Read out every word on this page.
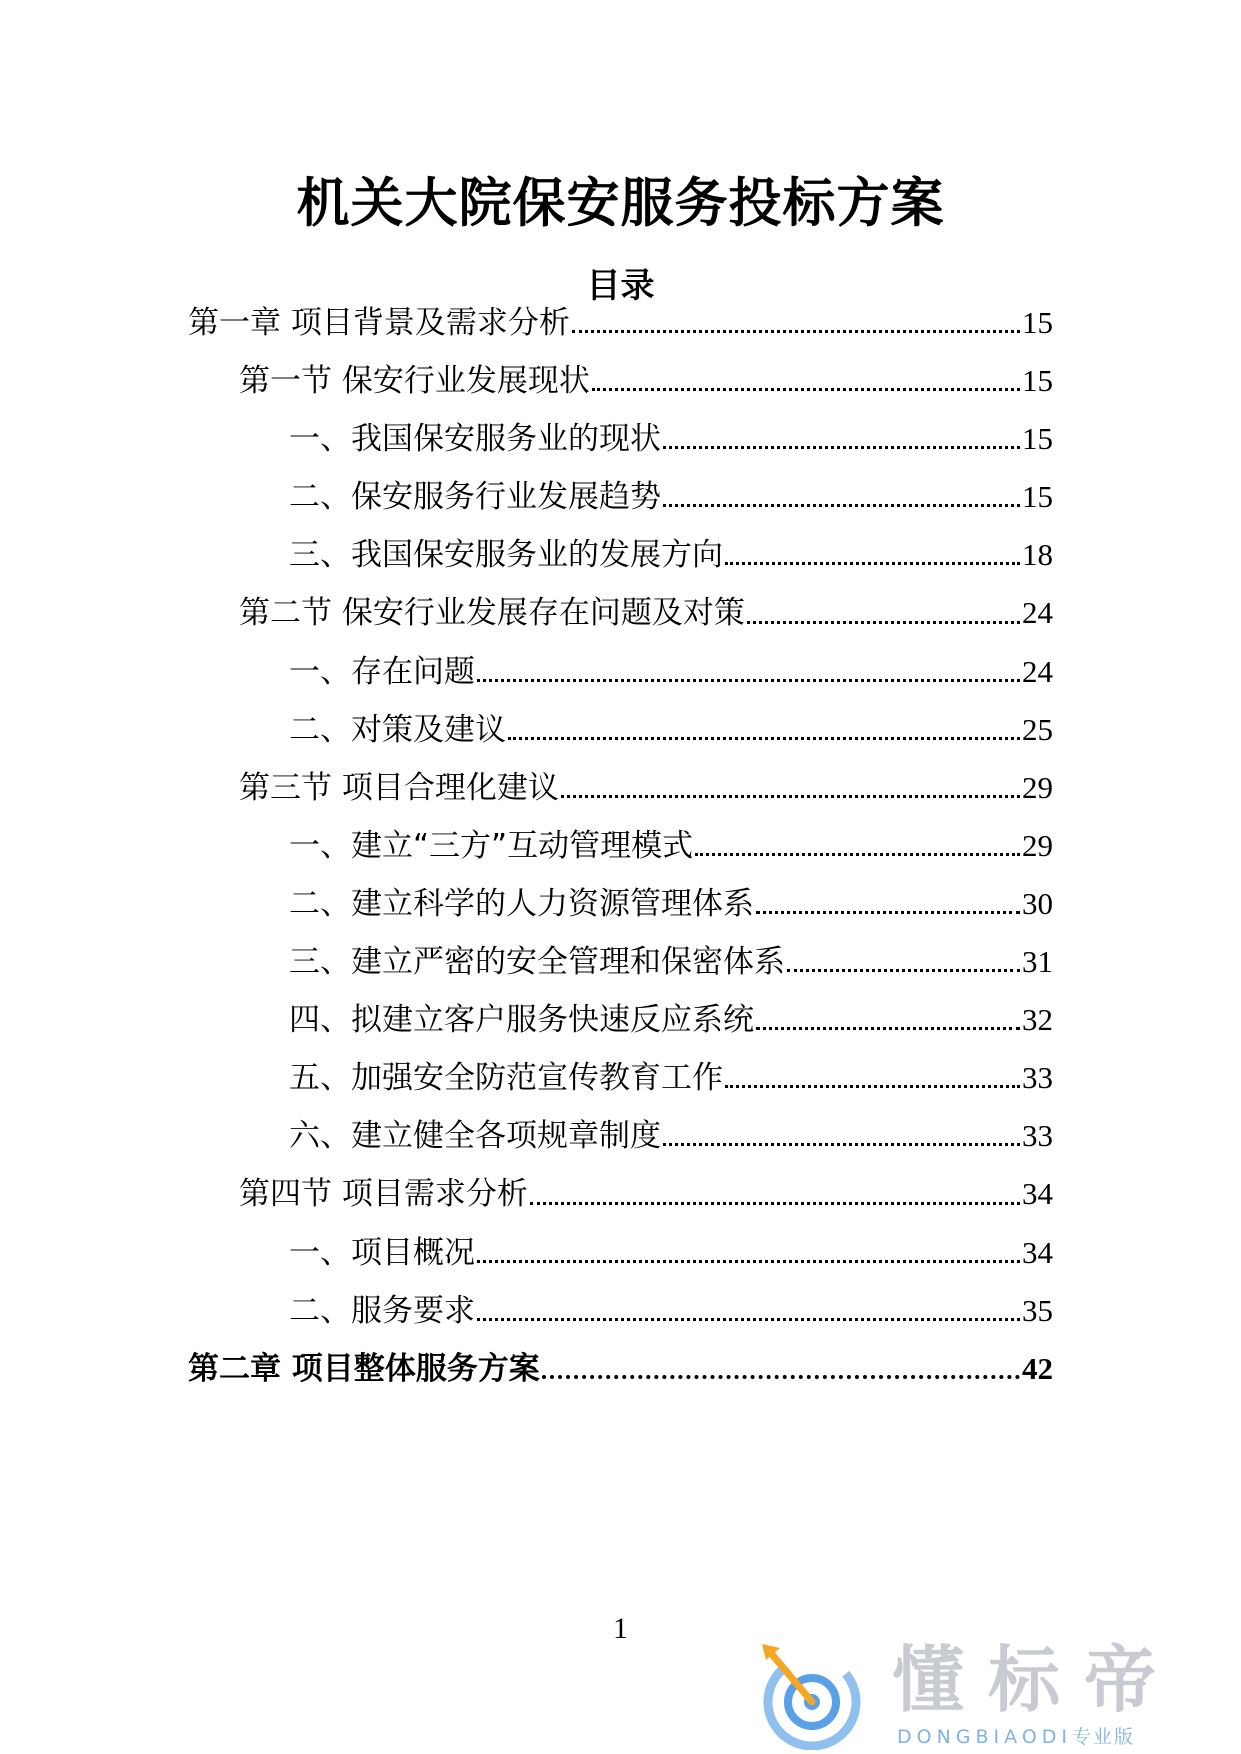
机关大院保安服务投标方案
目录
第一章 项目背景及需求分析	15
第一节 保安行业发展现状	15
一、我国保安服务业的现状	15
二、保安服务行业发展趋势	15
三、我国保安服务业的发展方向	18
第二节 保安行业发展存在问题及对策	24
一、存在问题	24
二、对策及建议	25
第三节 项目合理化建议	29
一、建立“三方”互动管理模式	29
二、建立科学的人力资源管理体系	30
三、建立严密的安全管理和保密体系	31
四、拟建立客户服务快速反应系统	32
五、加强安全防范宣传教育工作	33
六、建立健全各项规章制度	33
第四节 项目需求分析	34
一、项目概况	34
二、服务要求	35
第二章 项目整体服务方案	42
1
懂标帝
DONGBIAODI专业版
